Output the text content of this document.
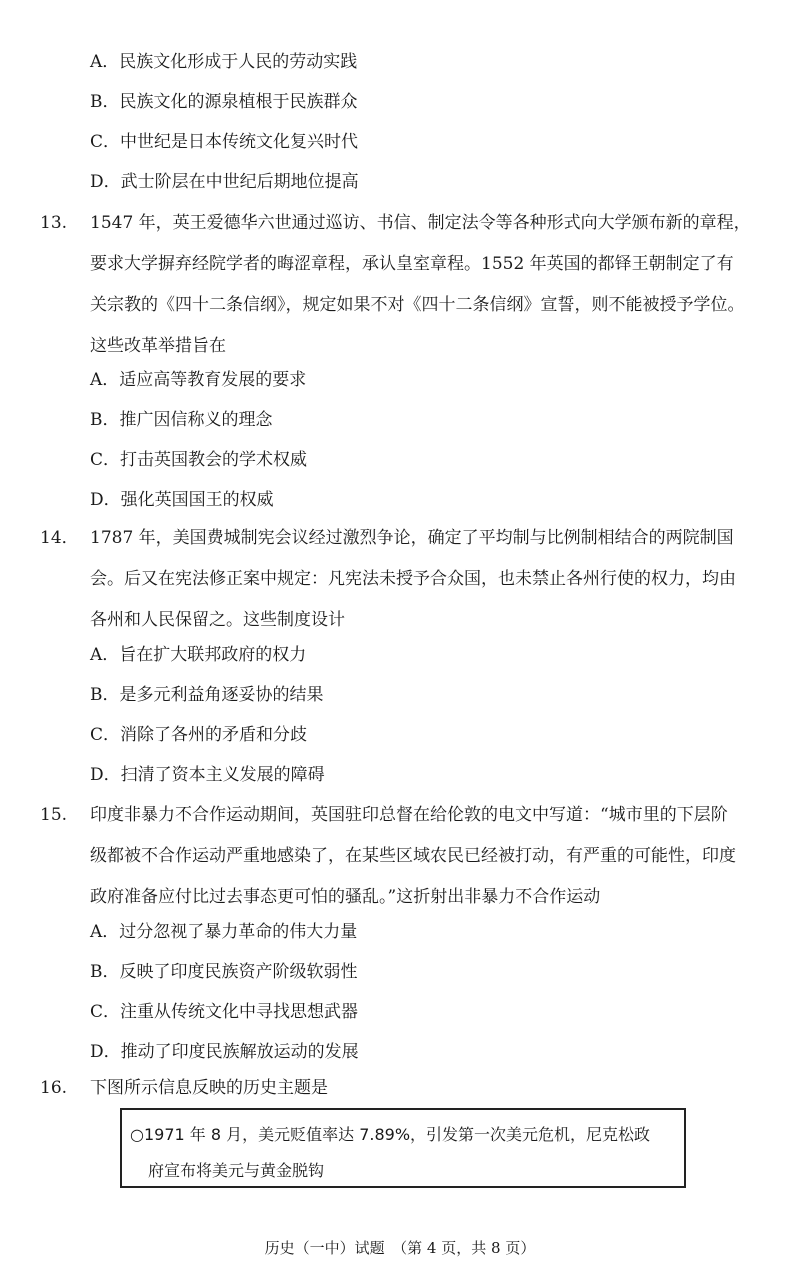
A．民族文化形成于人民的劳动实践
B．民族文化的源泉植根于民族群众
C．中世纪是日本传统文化复兴时代
D．武士阶层在中世纪后期地位提高
13. 1547 年，英王爱德华六世通过巡访、书信、制定法令等各种形式向大学颁布新的章程，
要求大学摒弃经院学者的晦涩章程，承认皇室章程。1552 年英国的都铎王朝制定了有
关宗教的《四十二条信纲》，规定如果不对《四十二条信纲》宣誓，则不能被授予学位。
这些改革举措旨在
A．适应高等教育发展的要求
B．推广因信称义的理念
C．打击英国教会的学术权威
D．强化英国国王的权威
14． 1787 年，美国费城制宪会议经过激烈争论，确定了平均制与比例制相结合的两院制国
会。后又在宪法修正案中规定：凡宪法未授予合众国，也未禁止各州行使的权力，均由
各州和人民保留之。这些制度设计
A．旨在扩大联邦政府的权力
B．是多元利益角逐妥协的结果
C．消除了各州的矛盾和分歧
D．扫清了资本主义发展的障碍
15. 印度非暴力不合作运动期间，英国驻印总督在给伦敦的电文中写道：“城市里的下层阶
级都被不合作运动严重地感染了，在某些区域农民已经被打动，有严重的可能性，印度
政府准备应付比过去事态更可怕的骚乱。”这折射出非暴力不合作运动
A．过分忽视了暴力革命的伟大力量
B．反映了印度民族资产阶级软弱性
C．注重从传统文化中寻找思想武器
D．推动了印度民族解放运动的发展
16. 下图所示信息反映的历史主题是
○1971 年 8 月，美元贬值率达 7.89%，引发第一次美元危机，尼克松政
府宣布将美元与黄金脱钩
历史（一中）试题　（第 4 页，共 8 页）
